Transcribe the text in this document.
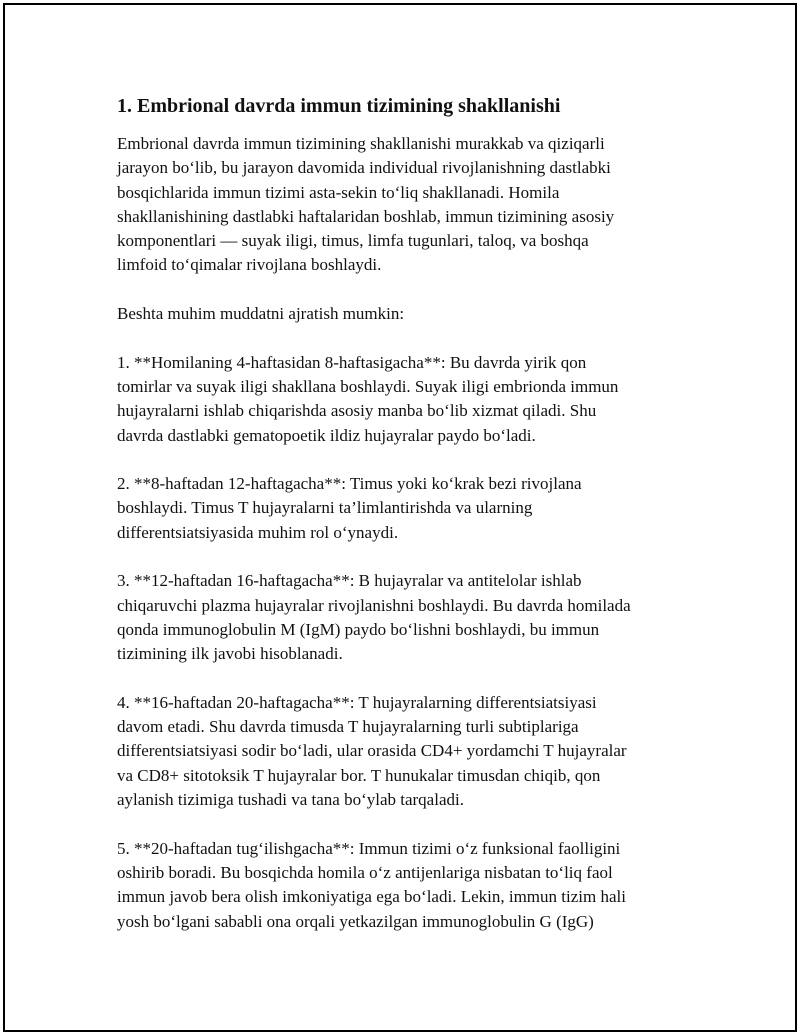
1. Embrional davrda immun tizimining shakllanishi
Embrional davrda immun tizimining shakllanishi murakkab va qiziqarli
jarayon bo‘lib, bu jarayon davomida individual rivojlanishning dastlabki
bosqichlarida immun tizimi asta-sekin to‘liq shakllanadi. Homila
shakllanishining dastlabki haftalaridan boshlab, immun tizimining asosiy
komponentlari — suyak iligi, timus, limfa tugunlari, taloq, va boshqa
limfoid to‘qimalar rivojlana boshlaydi.
Beshta muhim muddatni ajratish mumkin:
1. **Homilaning 4-haftasidan 8-haftasigacha**: Bu davrda yirik qon
tomirlar va suyak iligi shakllana boshlaydi. Suyak iligi embrionda immun
hujayralarni ishlab chiqarishda asosiy manba bo‘lib xizmat qiladi. Shu
davrda dastlabki gematopoetik ildiz hujayralar paydo bo‘ladi.
2. **8-haftadan 12-haftagacha**: Timus yoki ko‘krak bezi rivojlana
boshlaydi. Timus T hujayralarni ta’limlantirishda va ularning
differentsiatsiyasida muhim rol o‘ynaydi.
3. **12-haftadan 16-haftagacha**: B hujayralar va antitelolar ishlab
chiqaruvchi plazma hujayralar rivojlanishni boshlaydi. Bu davrda homilada
qonda immunoglobulin M (IgM) paydo bo‘lishni boshlaydi, bu immun
tizimining ilk javobi hisoblanadi.
4. **16-haftadan 20-haftagacha**: T hujayralarning differentsiatsiyasi
davom etadi. Shu davrda timusda T hujayralarning turli subtiplariga
differentsiatsiyasi sodir bo‘ladi, ular orasida CD4+ yordamchi T hujayralar
va CD8+ sitotoksik T hujayralar bor. T hunukalar timusdan chiqib, qon
aylanish tizimiga tushadi va tana bo‘ylab tarqaladi.
5. **20-haftadan tug‘ilishgacha**: Immun tizimi o‘z funksional faolligini
oshirib boradi. Bu bosqichda homila o‘z antijenlariga nisbatan to‘liq faol
immun javob bera olish imkoniyatiga ega bo‘ladi. Lekin, immun tizim hali
yosh bo‘lgani sababli ona orqali yetkazilgan immunoglobulin G (IgG)
